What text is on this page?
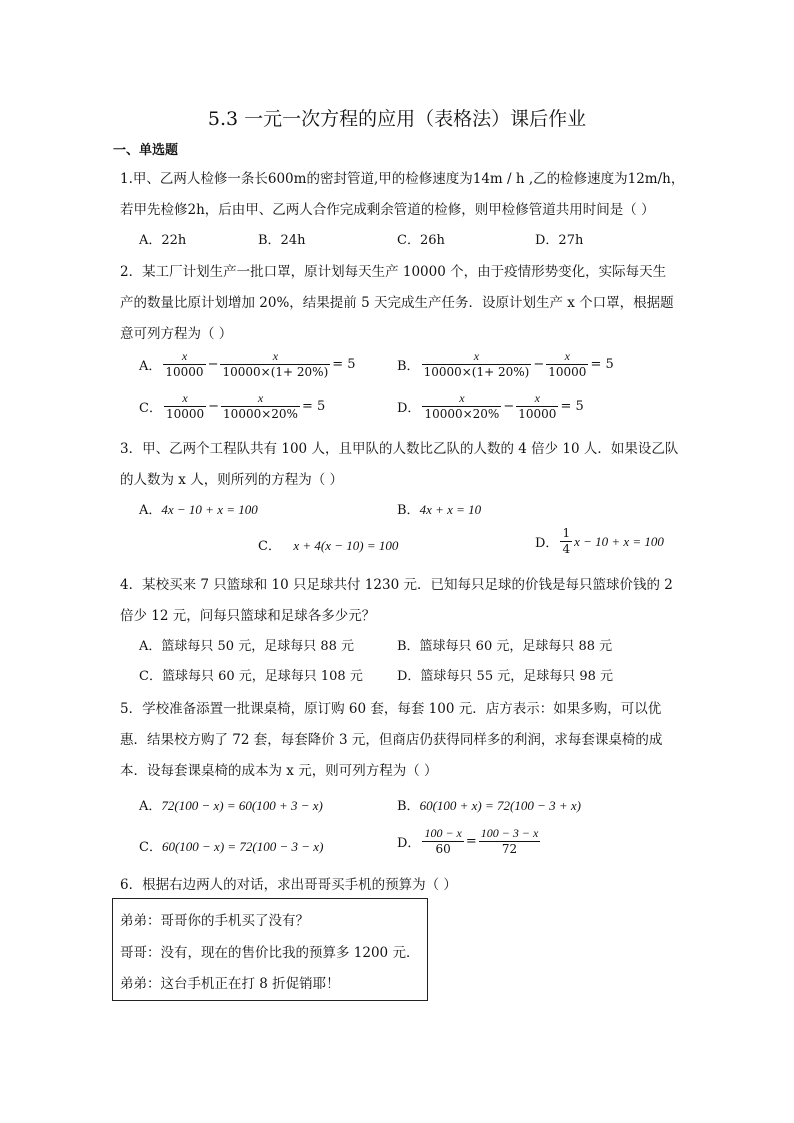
5.3 一元一次方程的应用（表格法）课后作业
一、单选题
1.甲、乙两人检修一条长600m的密封管道,甲的检修速度为14m / h ,乙的检修速度为12m/h，
若甲先检修2h，后由甲、乙两人合作完成剩余管道的检修，则甲检修管道共用时间是（ ）
A．22h	B．24h	C．26h	D．27h
2．某工厂计划生产一批口罩，原计划每天生产 10000 个，由于疫情形势变化，实际每天生
产的数量比原计划增加 20%，结果提前 5 天完成生产任务．设原计划生产 x 个口罩，根据题
意可列方程为（ ）
A． $\frac{x}{10000} - \frac{x}{10000\times(1+ 20\%)} = 5$	B． $\frac{x}{10000\times(1+ 20\%)} - \frac{x}{10000} = 5$
C． $\frac{x}{10000} - \frac{x}{10000\times 20\%} = 5$	D． $\frac{x}{10000\times 20\%} - \frac{x}{10000} = 5$
3．甲、乙两个工程队共有 100 人，且甲队的人数比乙队的人数的 4 倍少 10 人．如果设乙队
的人数为 x 人，则所列的方程为（ ）
A．4x − 10 + x = 100	B．4x + x = 10
C． x + 4(x − 10) = 100	D． $\frac{1}{4}$ x − 10 + x = 100
4．某校买来 7 只篮球和 10 只足球共付 1230 元．已知每只足球的价钱是每只篮球价钱的 2
倍少 12 元，问每只篮球和足球各多少元？
A．篮球每只 50 元，足球每只 88 元	B．篮球每只 60 元，足球每只 88 元
C．篮球每只 60 元，足球每只 108 元	D．篮球每只 55 元，足球每只 98 元
5．学校准备添置一批课桌椅，原订购 60 套，每套 100 元．店方表示：如果多购，可以优
惠．结果校方购了 72 套，每套降价 3 元，但商店仍获得同样多的利润，求每套课桌椅的成
本．设每套课桌椅的成本为 x 元，则可列方程为（ ）
A．72(100 − x) = 60(100 + 3 − x)	B．60(100 + x) = 72(100 − 3 + x)
C．60(100 − x) = 72(100 − 3 − x)	D． $\frac{100 - x}{60} = \frac{100 - 3 - x}{72}$
6．根据右边两人的对话，求出哥哥买手机的预算为（ ）
弟弟：哥哥你的手机买了没有？
哥哥：没有，现在的售价比我的预算多 1200 元．
弟弟：这台手机正在打 8 折促销耶！
